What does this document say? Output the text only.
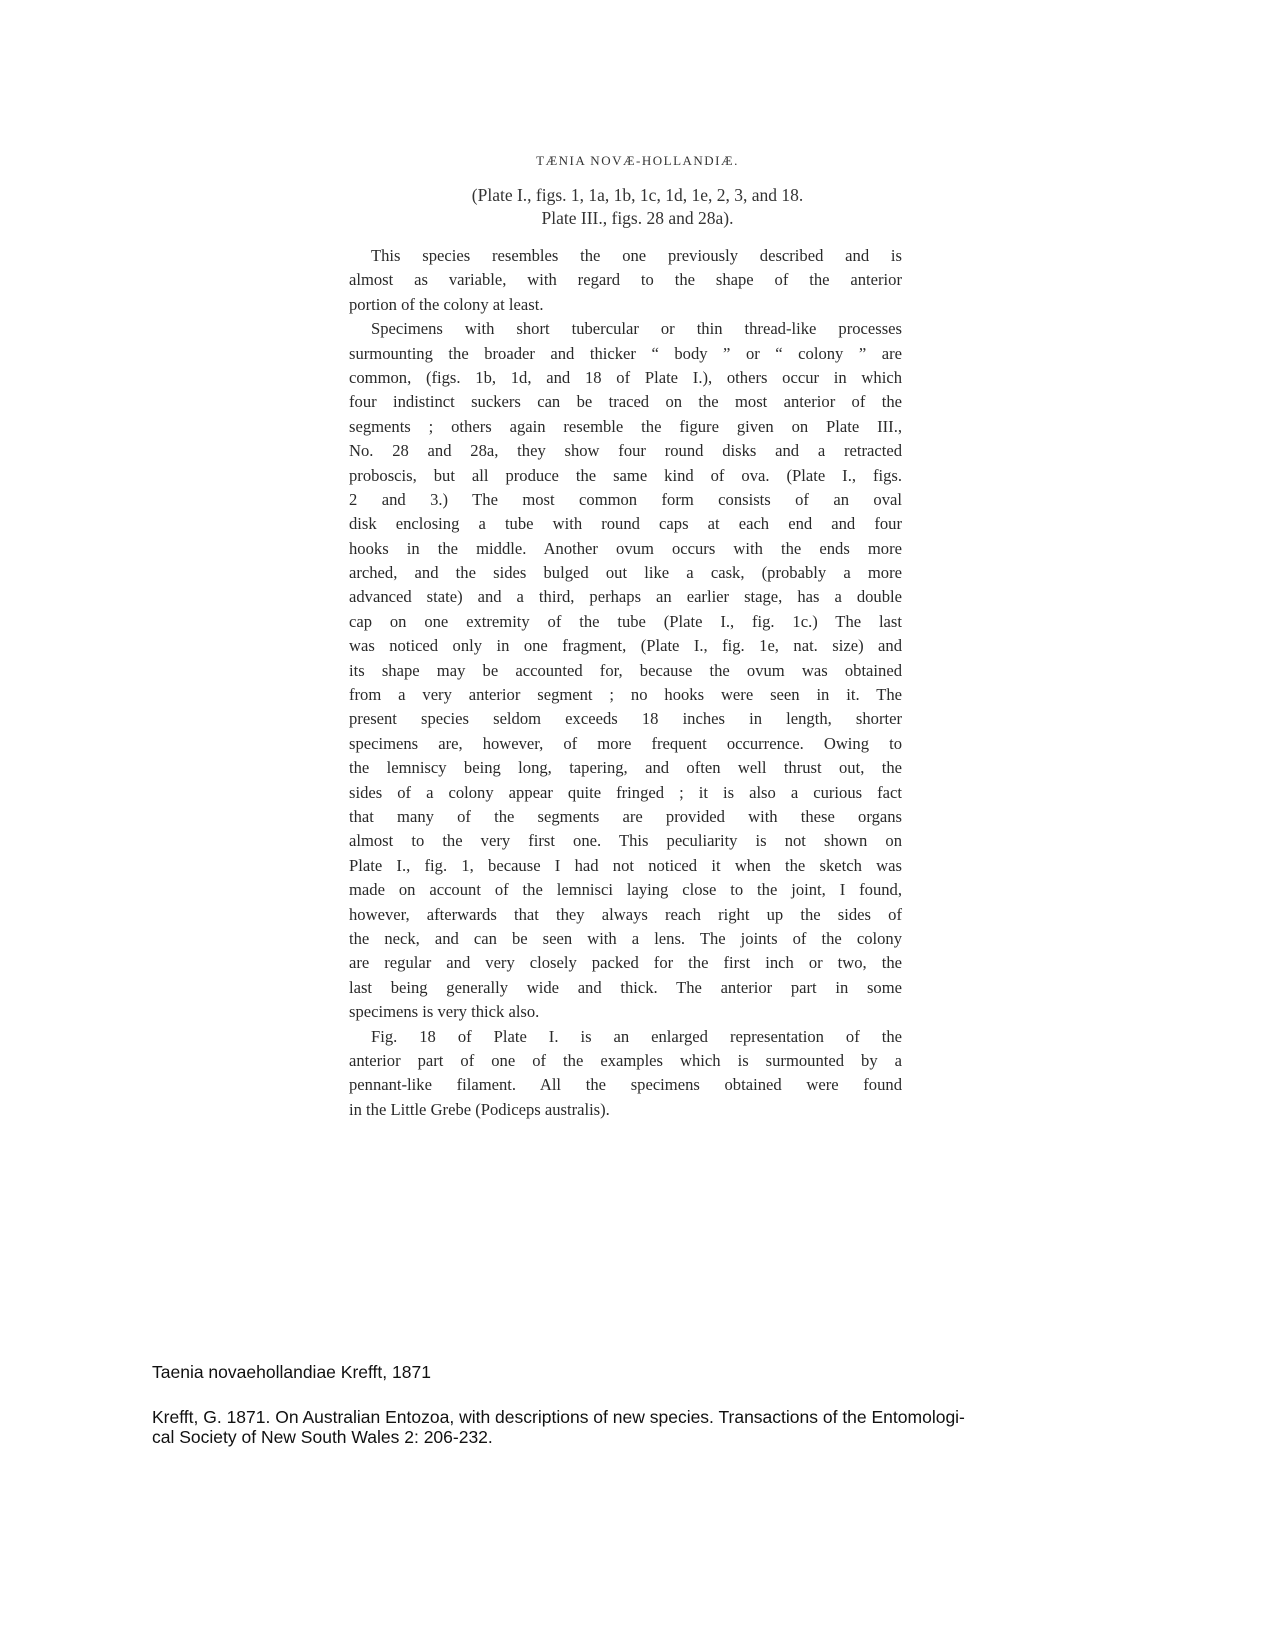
TÆNIA NOVÆ-HOLLANDIÆ.
(Plate I., figs. 1, 1a, 1b, 1c, 1d, 1e, 2, 3, and 18.
Plate III., figs. 28 and 28a).
This species resembles the one previously described and is
almost as variable, with regard to the shape of the anterior
portion of the colony at least.
Specimens with short tubercular or thin thread-like processes
surmounting the broader and thicker “ body ” or “ colony ” are
common, (figs. 1b, 1d, and 18 of Plate I.), others occur in which
four indistinct suckers can be traced on the most anterior of the
segments ; others again resemble the figure given on Plate III.,
No. 28 and 28a, they show four round disks and a retracted
proboscis, but all produce the same kind of ova. (Plate I., figs.
2 and 3.) The most common form consists of an oval
disk enclosing a tube with round caps at each end and four
hooks in the middle. Another ovum occurs with the ends more
arched, and the sides bulged out like a cask, (probably a more
advanced state) and a third, perhaps an earlier stage, has a double
cap on one extremity of the tube (Plate I., fig. 1c.) The last
was noticed only in one fragment, (Plate I., fig. 1e, nat. size) and
its shape may be accounted for, because the ovum was obtained
from a very anterior segment ; no hooks were seen in it. The
present species seldom exceeds 18 inches in length, shorter
specimens are, however, of more frequent occurrence. Owing to
the lemniscy being long, tapering, and often well thrust out, the
sides of a colony appear quite fringed ; it is also a curious fact
that many of the segments are provided with these organs
almost to the very first one. This peculiarity is not shown on
Plate I., fig. 1, because I had not noticed it when the sketch was
made on account of the lemnisci laying close to the joint, I found,
however, afterwards that they always reach right up the sides of
the neck, and can be seen with a lens. The joints of the colony
are regular and very closely packed for the first inch or two, the
last being generally wide and thick. The anterior part in some
specimens is very thick also.
Fig. 18 of Plate I. is an enlarged representation of the
anterior part of one of the examples which is surmounted by a
pennant-like filament. All the specimens obtained were found
in the Little Grebe (Podiceps australis).
Taenia novaehollandiae Krefft, 1871
Krefft, G. 1871. On Australian Entozoa, with descriptions of new species. Transactions of the Entomologi-
cal Society of New South Wales 2: 206-232.
